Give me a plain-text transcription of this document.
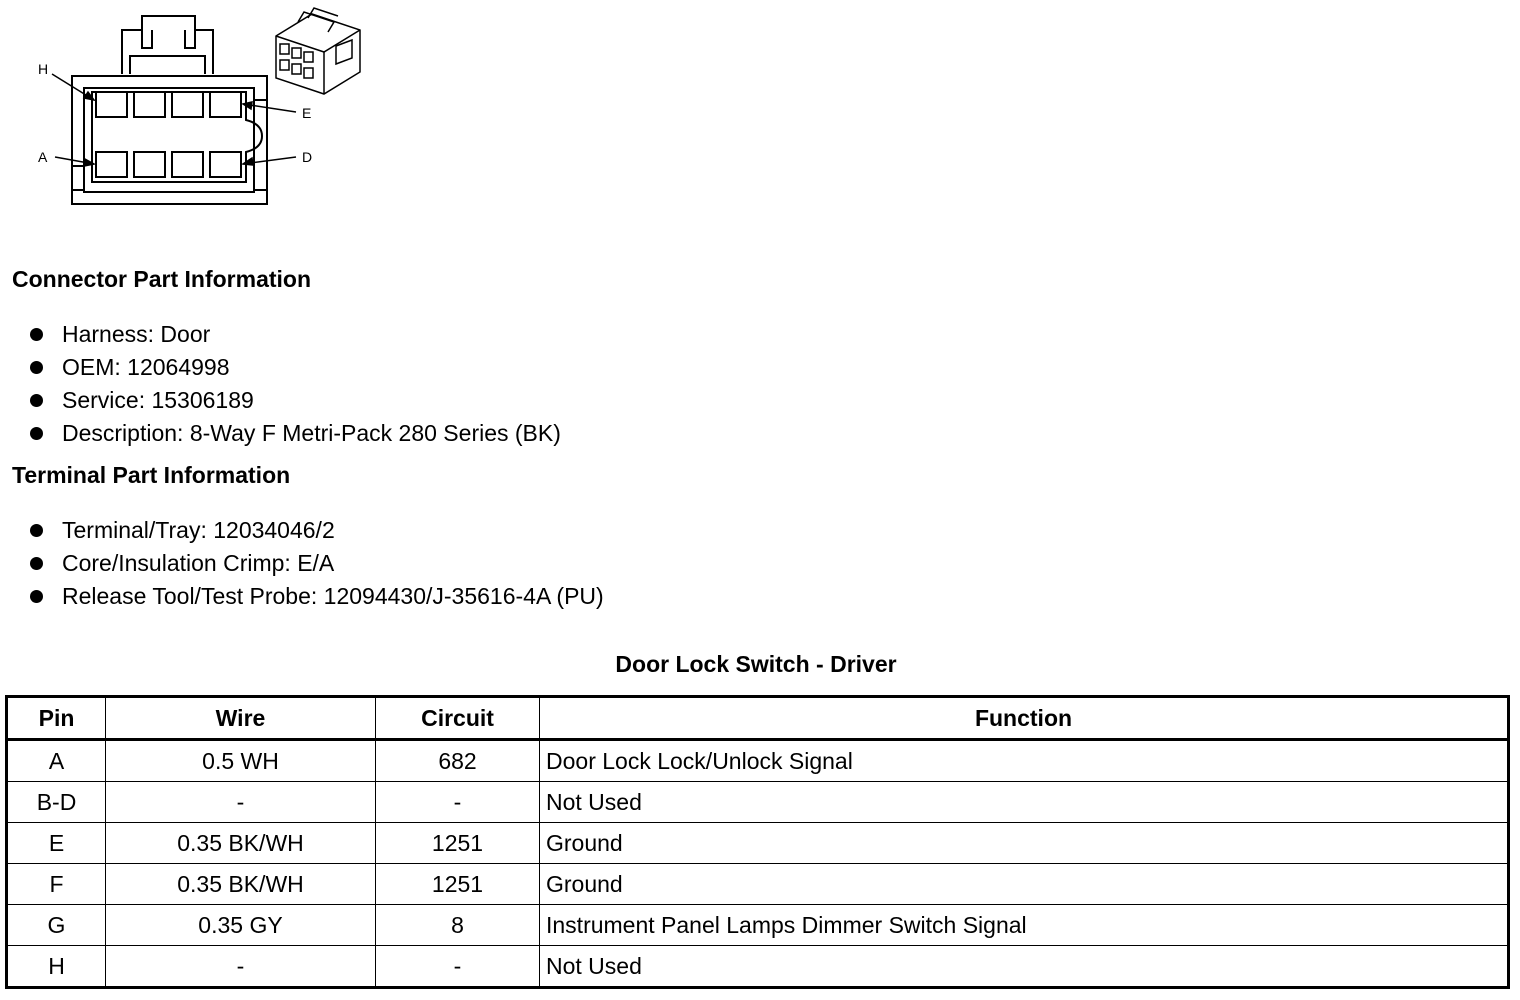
H
E
A	D
Connector Part Information
Harness: Door
OEM: 12064998
Service: 15306189
Description: 8-Way F Metri-Pack 280 Series (BK)
Terminal Part Information
Terminal/Tray: 12034046/2
Core/Insulation Crimp: E/A
Release Tool/Test Probe: 12094430/J-35616-4A (PU)
Door Lock Switch - Driver
Pin	Wire	Circuit	Function
A	0.5 WH	682	Door Lock Lock/Unlock Signal
B-D	-	-	Not Used
E	0.35 BK/WH	1251	Ground
F	0.35 BK/WH	1251	Ground
G	0.35 GY	8	Instrument Panel Lamps Dimmer Switch Signal
H	-	-	Not Used
